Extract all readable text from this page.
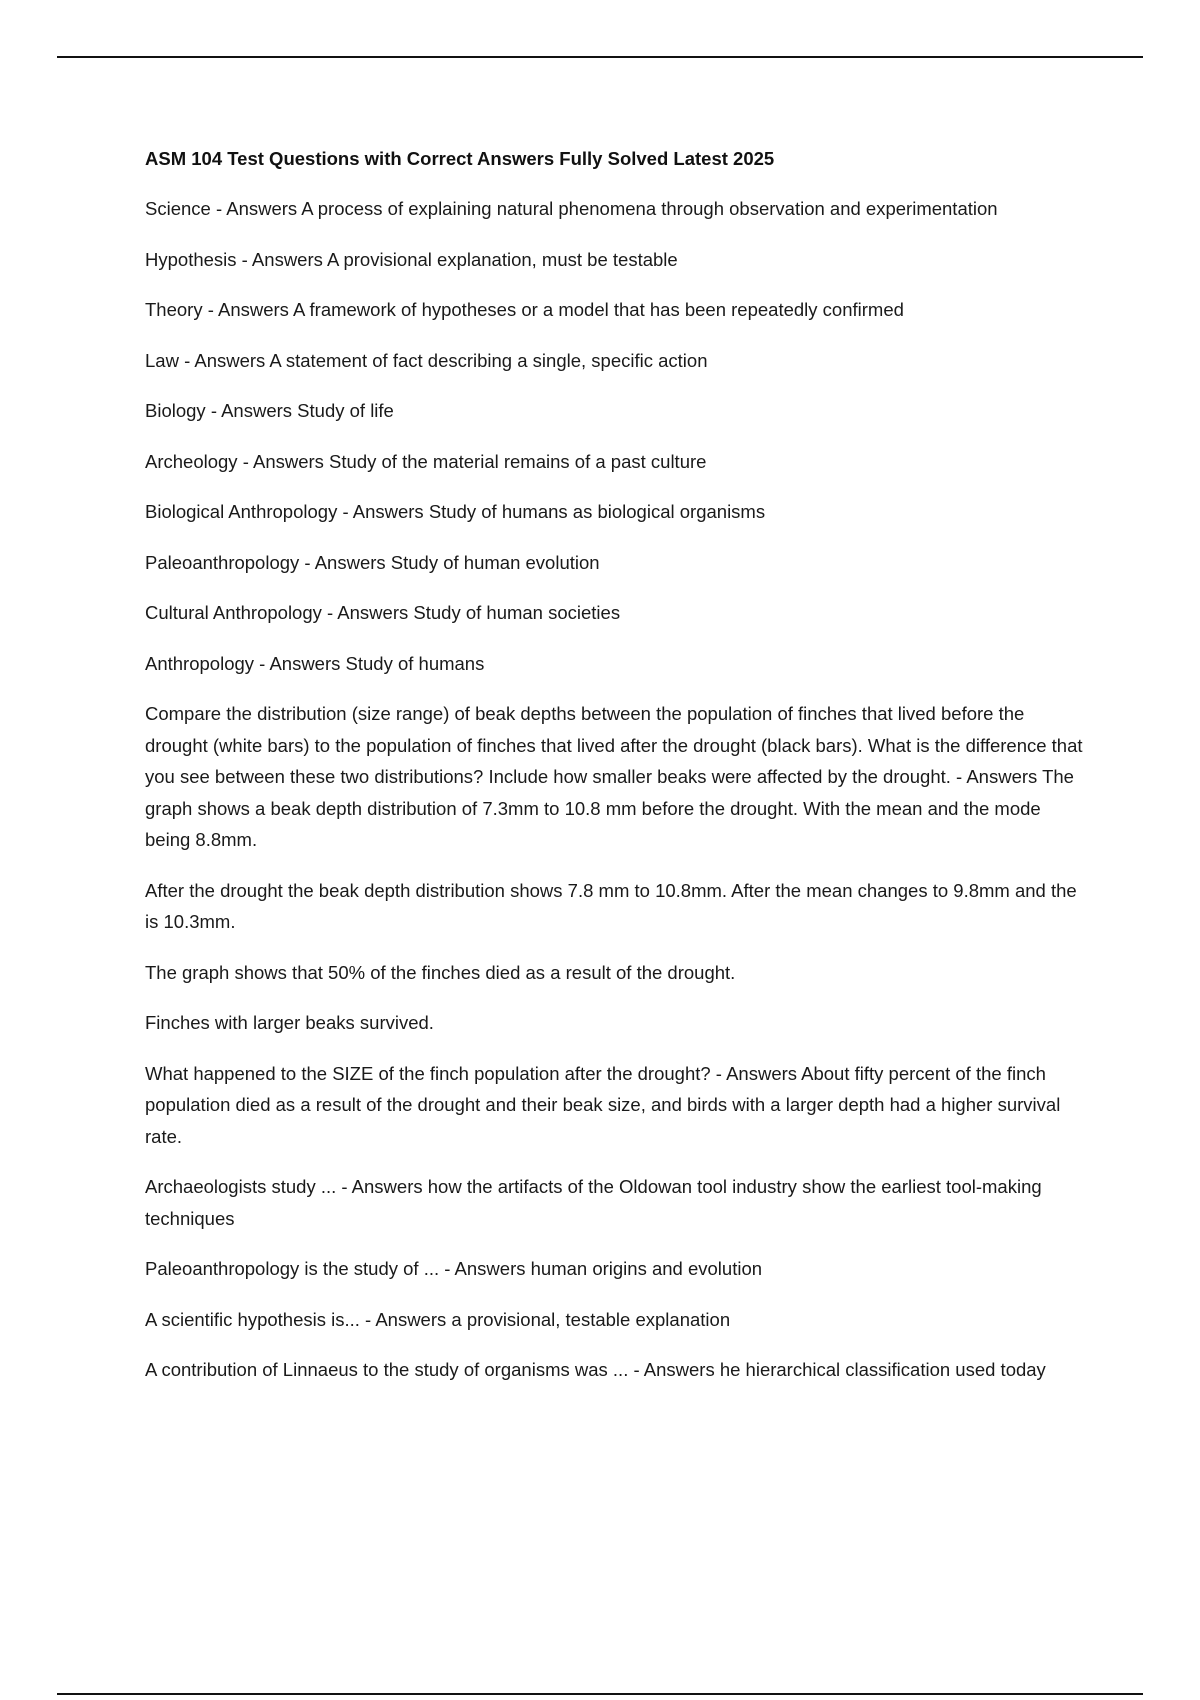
ASM 104 Test Questions with Correct Answers Fully Solved Latest 2025

Science - Answers A process of explaining natural phenomena through observation and experimentation

Hypothesis - Answers A provisional explanation, must be testable

Theory - Answers A framework of hypotheses or a model that has been repeatedly confirmed

Law - Answers A statement of fact describing a single, specific action

Biology - Answers Study of life

Archeology - Answers Study of the material remains of a past culture

Biological Anthropology - Answers Study of humans as biological organisms

Paleoanthropology - Answers Study of human evolution

Cultural Anthropology - Answers Study of human societies

Anthropology - Answers Study of humans

Compare the distribution (size range) of beak depths between the population of finches that lived before the drought (white bars) to the population of finches that lived after the drought (black bars). What is the difference that you see between these two distributions? Include how smaller beaks were affected by the drought. - Answers The graph shows a beak depth distribution of 7.3mm to 10.8 mm before the drought. With the mean and the mode being 8.8mm.

After the drought the beak depth distribution shows 7.8 mm to 10.8mm. After the mean changes to 9.8mm and the is 10.3mm.

The graph shows that 50% of the finches died as a result of the drought.

Finches with larger beaks survived.

What happened to the SIZE of the finch population after the drought? - Answers About fifty percent of the finch population died as a result of the drought and their beak size, and birds with a larger depth had a higher survival rate.

Archaeologists study ... - Answers how the artifacts of the Oldowan tool industry show the earliest tool-making techniques

Paleoanthropology is the study of ... - Answers human origins and evolution

A scientific hypothesis is... - Answers a provisional, testable explanation

A contribution of Linnaeus to the study of organisms was ... - Answers he hierarchical classification used today
